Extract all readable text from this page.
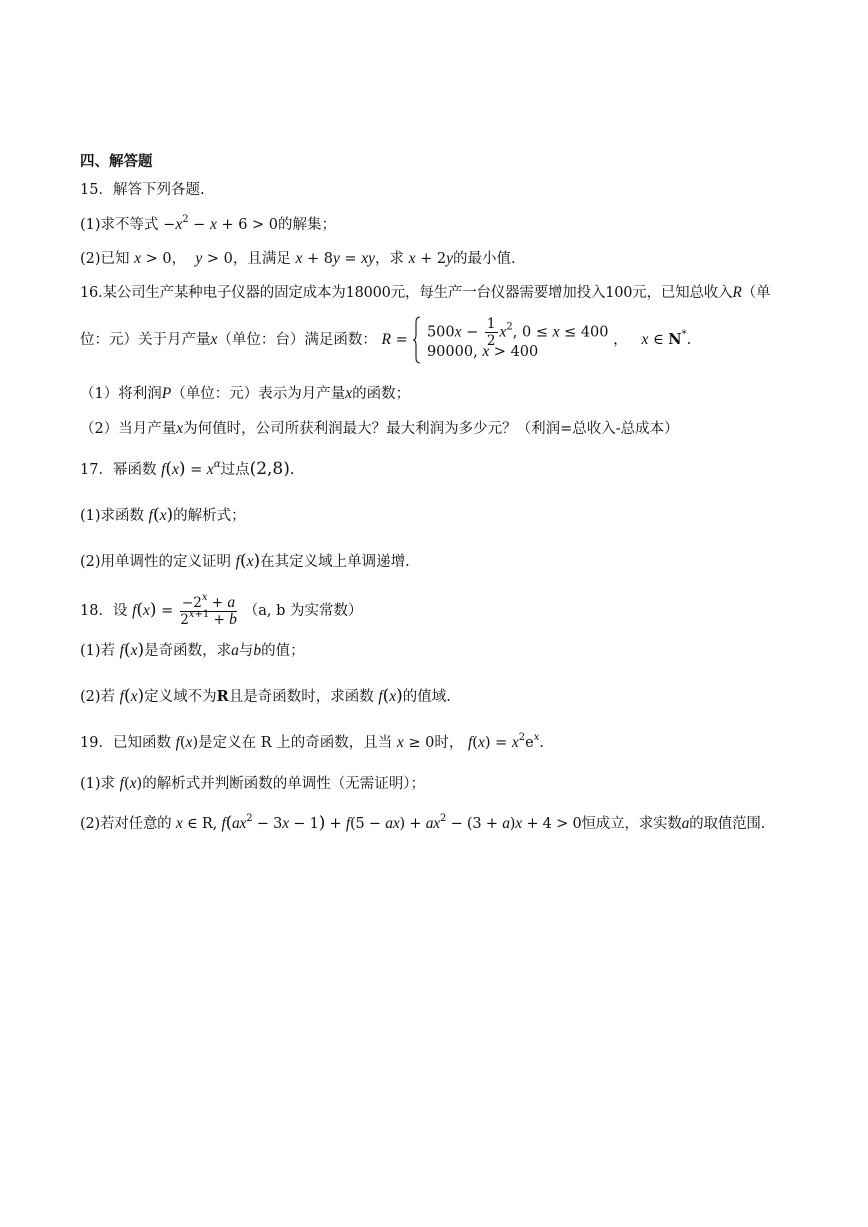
四、解答题
15．解答下列各题.
(1)求不等式 $-x^2 - x + 6 > 0$的解集；
(2)已知 x > 0， y > 0，且满足 x + 8y = xy，求 x + 2y的最小值.
16.某公司生产某种电子仪器的固定成本为18000元，每生产一台仪器需要增加投入100元，已知总收入R（单
位：元）关于月产量x（单位：台）满足函数： $R = 500x - \frac{1}{2} x^2$, 0 ≤ x ≤ 400
90000, x > 400
， x ∈ N*.
（1）将利润P（单位：元）表示为月产量x的函数；
（2）当月产量x为何值时，公司所获利润最大？最大利润为多少元？（利润=总收入-总成本）
17．幂函数 $f(x) = x^\alpha$过点(2,8).
(1)求函数 f(x)的解析式；
(2)用单调性的定义证明 f(x)在其定义域上单调递增.
18．设 $f(x) = \frac{-2^x + a}{2^{x+1} + b} (a$, b 为实常数）
(1)若 f(x)是奇函数，求a与b的值；
(2)若 f(x)定义域不为R且是奇函数时，求函数 f(x)的值域.
19．已知函数 f(x)是定义在 R 上的奇函数，且当 x ≥ 0时， $f(x) = x^2e^x$.
(1)求 f(x)的解析式并判断函数的单调性（无需证明）；
(2)若对任意的 x ∈ R, $f(ax^2 - 3x - 1) + f(5 - ax) + ax^2 - (3 + a)x + 4 > 0$恒成立，求实数a的取值范围.
